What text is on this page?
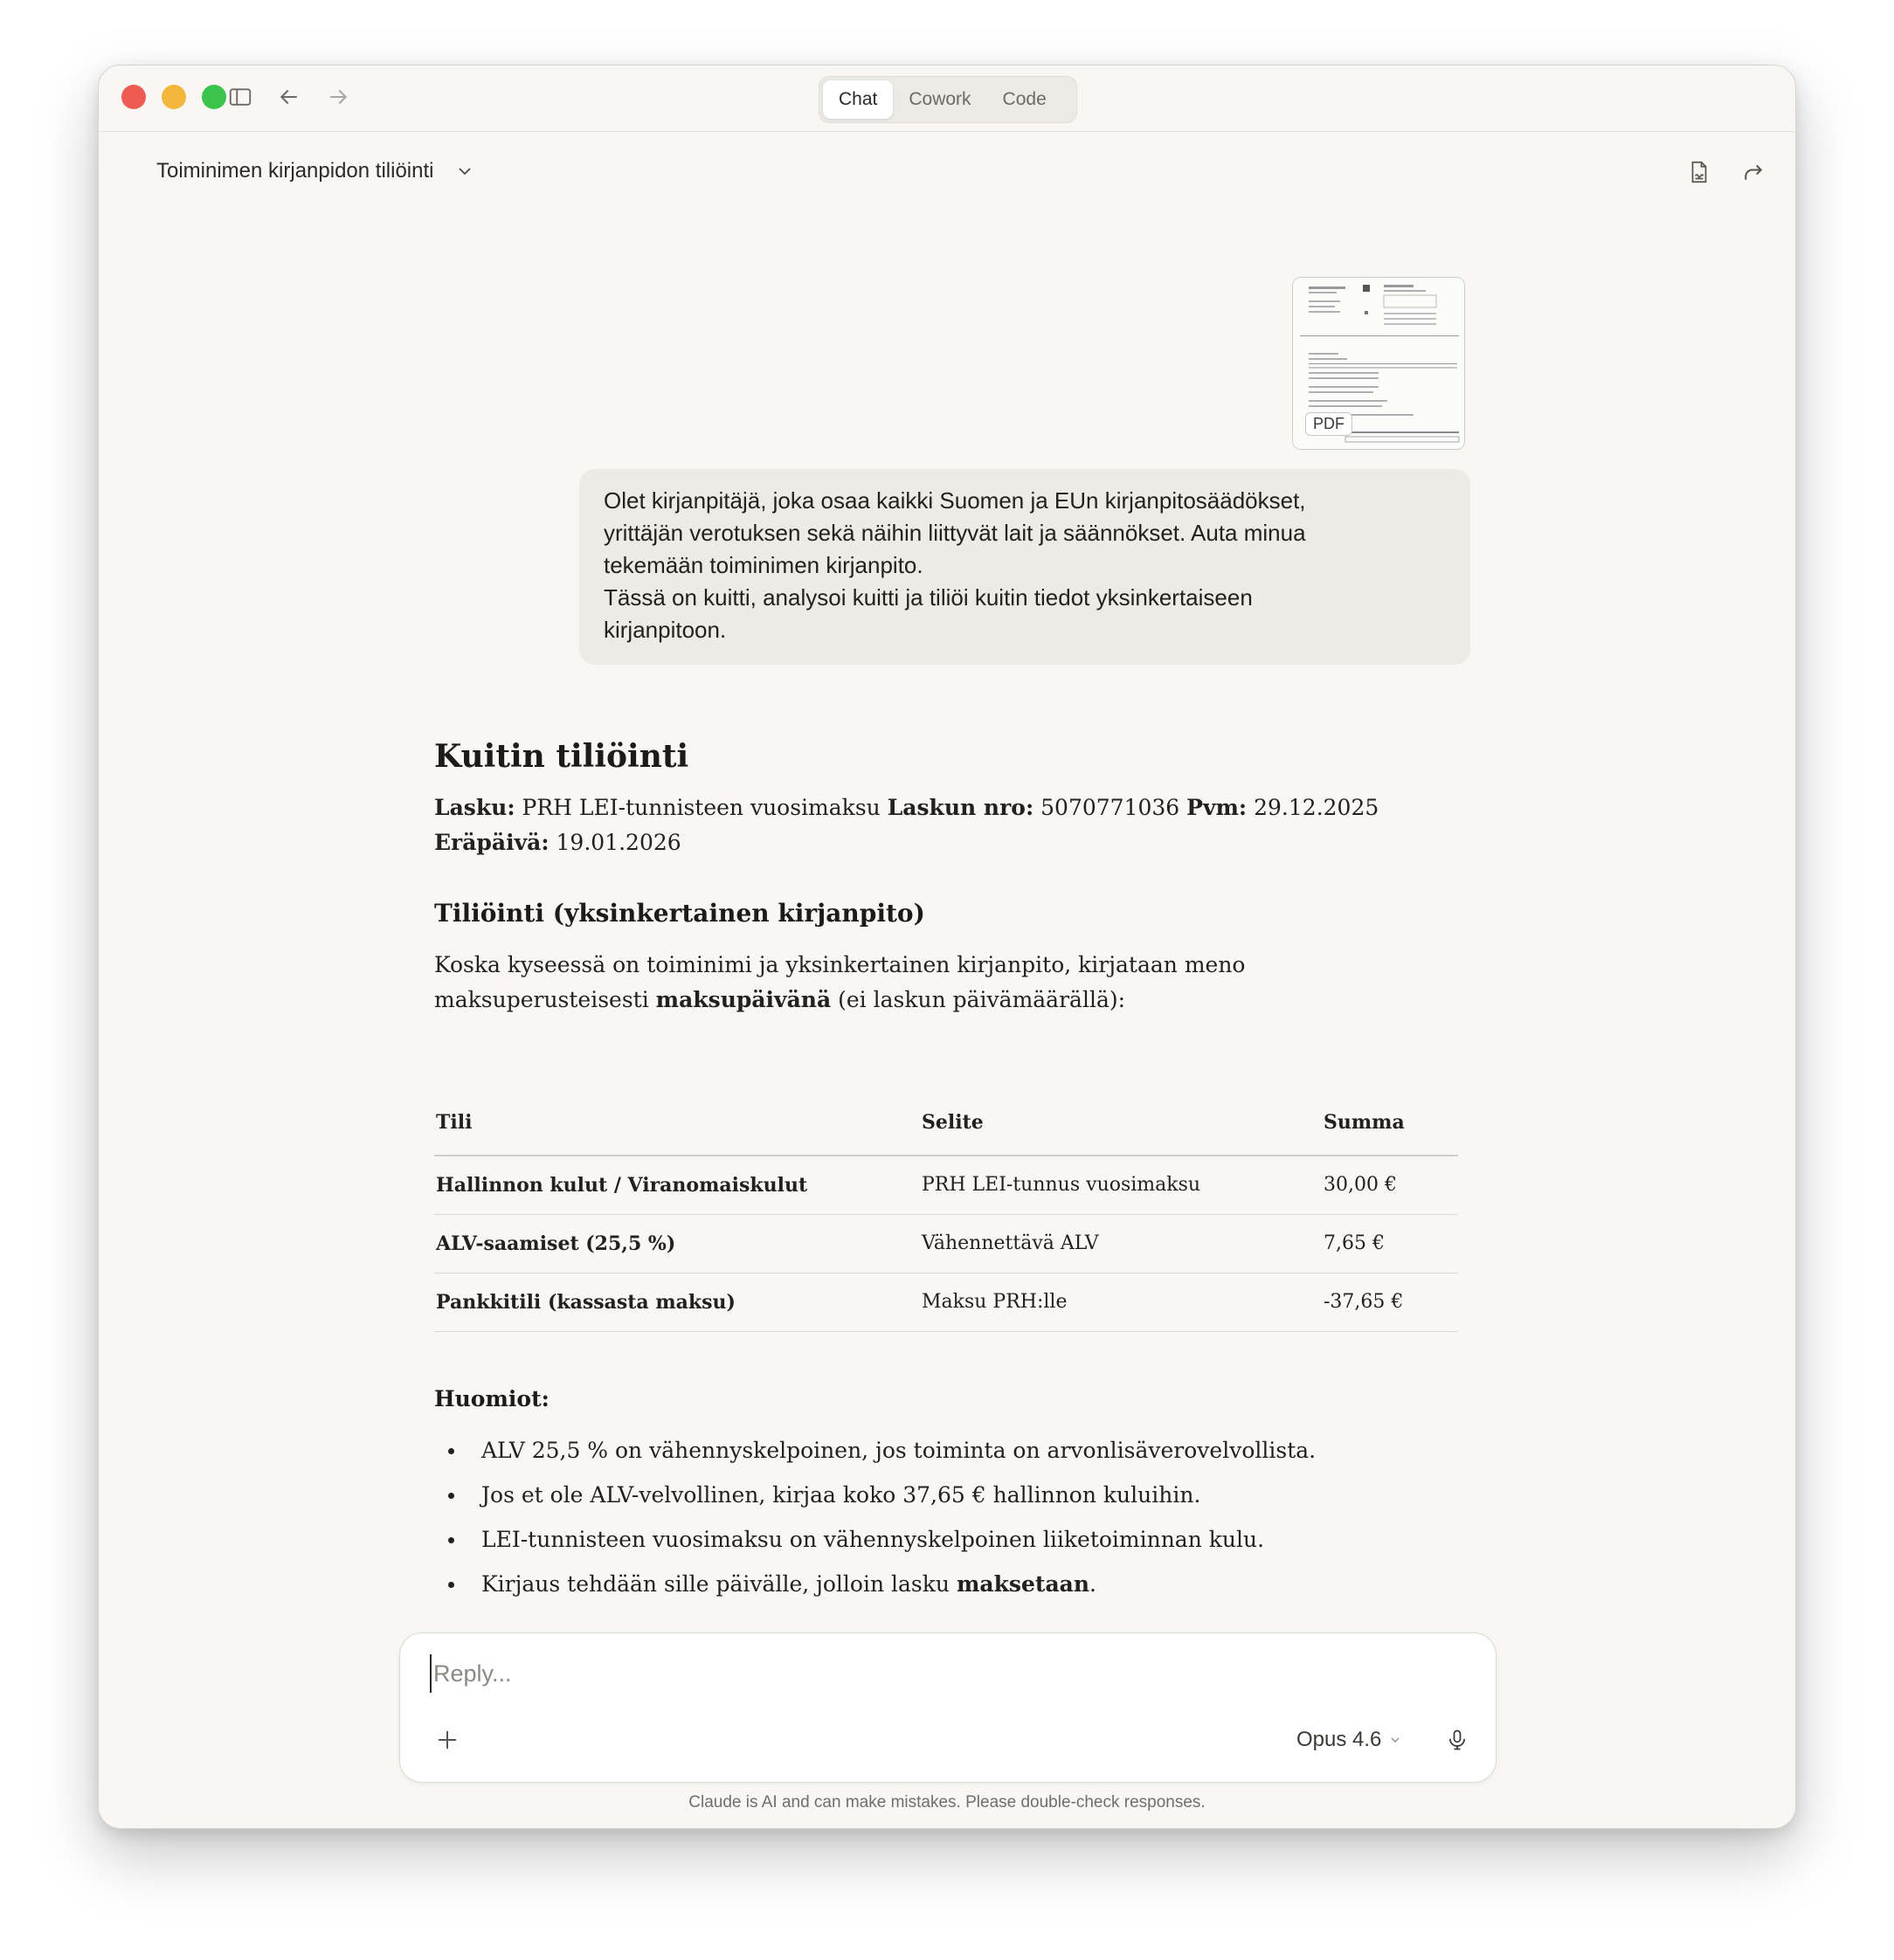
Chat	Cowork	Code
Toiminimen kirjanpidon tiliöinti
PDF

Olet kirjanpitäjä, joka osaa kaikki Suomen ja EUn kirjanpitosäädökset,

yrittäjän verotuksen sekä näihin liittyvät lait ja säännökset. Auta minua

tekemään toiminimen kirjanpito.

Tässä on kuitti, analysoi kuitti ja tiliöi kuitin tiedot yksinkertaiseen

kirjanpitoon.

Kuitin tiliöinti
Lasku: PRH LEI-tunnisteen vuosimaksu Laskun nro: 5070771036 Pvm: 29.12.2025
Eräpäivä: 19.01.2026
Tiliöinti (yksinkertainen kirjanpito)
Koska kyseessä on toiminimi ja yksinkertainen kirjanpito, kirjataan meno
maksuperusteisesti maksupäivänä (ei laskun päivämäärällä):
Tili	Selite	Summa
Hallinnon kulut / Viranomaiskulut	PRH LEI-tunnus vuosimaksu	30,00 €
ALV-saamiset (25,5 %)	Vähennettävä ALV	7,65 €
Pankkitili (kassasta maksu)	Maksu PRH:lle	-37,65 €
Huomiot:
ALV 25,5 % on vähennyskelpoinen, jos toiminta on arvonlisäverovelvollista.
Jos et ole ALV-velvollinen, kirjaa koko 37,65 € hallinnon kuluihin.
LEI-tunnisteen vuosimaksu on vähennyskelpoinen liiketoiminnan kulu.
Kirjaus tehdään sille päivälle, jolloin lasku maksetaan.
Reply...
Opus 4.6
Claude is AI and can make mistakes. Please double-check responses.
